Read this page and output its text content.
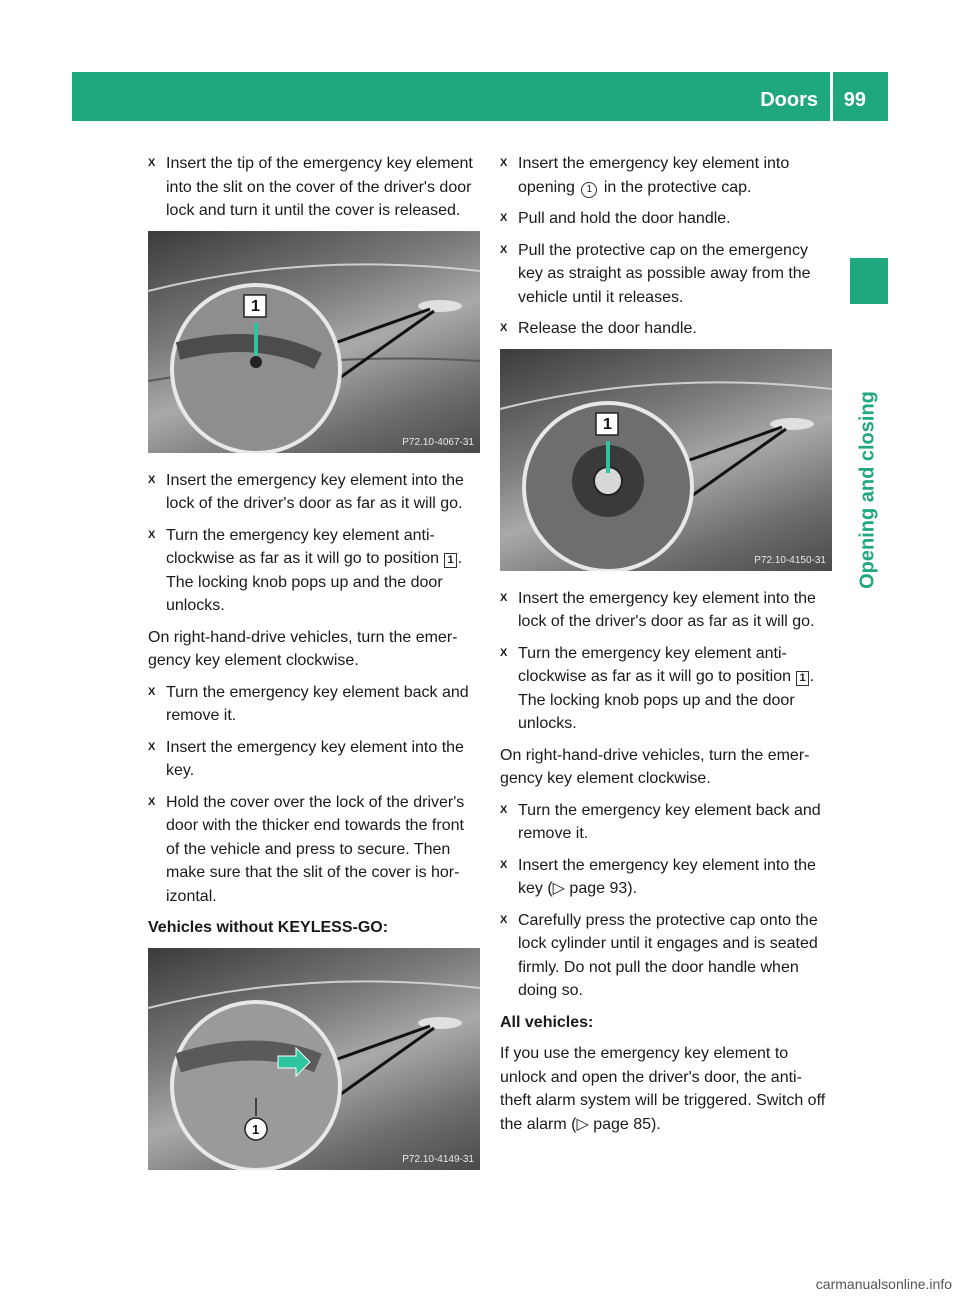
Doors 99
Opening and closing
X Insert the tip of the emergency key element into the slit on the cover of the driver's door lock and turn it until the cover is released.
1
P72.10-4067-31
X Insert the emergency key element into the lock of the driver's door as far as it will go.
X Turn the emergency key element anti-clockwise as far as it will go to position 1 . The locking knob pops up and the door unlocks.

On right-hand-drive vehicles, turn the emer-gency key element clockwise.

X Turn the emergency key element back and remove it.
X Insert the emergency key element into the key.
X Hold the cover over the lock of the driver's door with the thicker end towards the front of the vehicle and press to secure. Then make sure that the slit of the cover is hor-izontal.

Vehicles without KEYLESS-GO:

1
P72.10-4149-31
X Insert the emergency key element into opening 1 in the protective cap.
X Pull and hold the door handle.
X Pull the protective cap on the emergency key as straight as possible away from the vehicle until it releases.
X Release the door handle.
1
P72.10-4150-31
X Insert the emergency key element into the lock of the driver's door as far as it will go.
X Turn the emergency key element anti-clockwise as far as it will go to position 1 . The locking knob pops up and the door unlocks.

On right-hand-drive vehicles, turn the emer-gency key element clockwise.

X Turn the emergency key element back and remove it.
X Insert the emergency key element into the key (▷ page 93).
X Carefully press the protective cap onto the lock cylinder until it engages and is seated firmly. Do not pull the door handle when doing so.

All vehicles:

If you use the emergency key element to unlock and open the driver's door, the anti-theft alarm system will be triggered. Switch off the alarm (▷ page 85).

carmanualsonline.info
